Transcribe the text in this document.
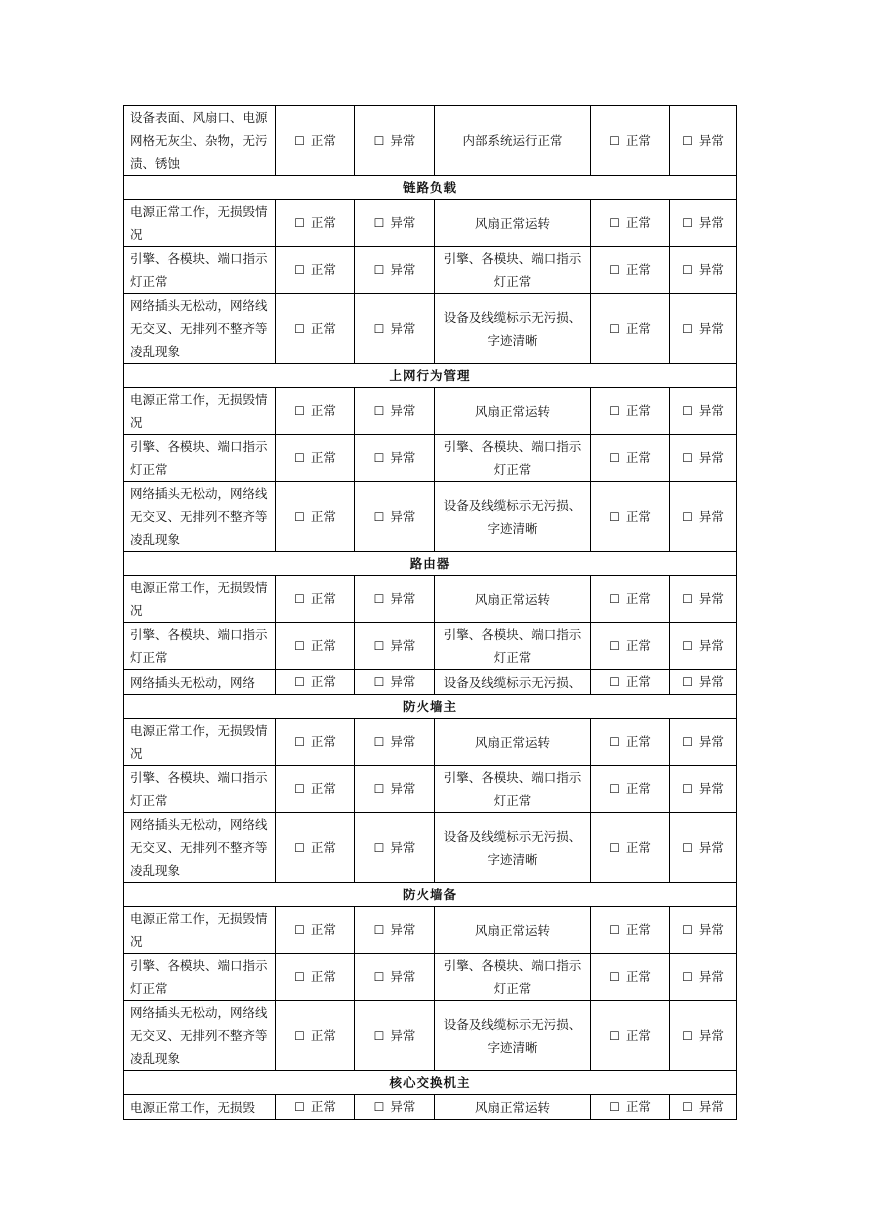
设备表面、风扇口、电源网格无灰尘、杂物，无污渍、锈蚀	☐ 正常	☐ 异常	内部系统运行正常	☐ 正常	☐ 异常
链路负载					

电源正常工作，无损毁情况	☐ 正常	☐ 异常	风扇正常运转	☐ 正常	☐ 异常

引擎、各模块、端口指示灯正常	☐ 正常	☐ 异常	引擎、各模块、端口指示灯正常	☐ 正常	☐ 异常

网络插头无松动，网络线无交叉、无排列不整齐等凌乱现象	☐ 正常	☐ 异常	设备及线缆标示无污损、字迹清晰	☐ 正常	☐ 异常
上网行为管理					

电源正常工作，无损毁情况	☐ 正常	☐ 异常	风扇正常运转	☐ 正常	☐ 异常

引擎、各模块、端口指示灯正常	☐ 正常	☐ 异常	引擎、各模块、端口指示灯正常	☐ 正常	☐ 异常

网络插头无松动，网络线无交叉、无排列不整齐等凌乱现象	☐ 正常	☐ 异常	设备及线缆标示无污损、字迹清晰	☐ 正常	☐ 异常
路由器					

电源正常工作，无损毁情况	☐ 正常	☐ 异常	风扇正常运转	☐ 正常	☐ 异常

引擎、各模块、端口指示灯正常	☐ 正常	☐ 异常	引擎、各模块、端口指示灯正常	☐ 正常	☐ 异常

网络插头无松动，网络	☐ 正常	☐ 异常	设备及线缆标示无污损、	☐ 正常	☐ 异常
防火墙主					

电源正常工作，无损毁情况	☐ 正常	☐ 异常	风扇正常运转	☐ 正常	☐ 异常

引擎、各模块、端口指示灯正常	☐ 正常	☐ 异常	引擎、各模块、端口指示灯正常	☐ 正常	☐ 异常

网络插头无松动，网络线无交叉、无排列不整齐等凌乱现象	☐ 正常	☐ 异常	设备及线缆标示无污损、字迹清晰	☐ 正常	☐ 异常
防火墙备					

电源正常工作，无损毁情况	☐ 正常	☐ 异常	风扇正常运转	☐ 正常	☐ 异常

引擎、各模块、端口指示灯正常	☐ 正常	☐ 异常	引擎、各模块、端口指示灯正常	☐ 正常	☐ 异常

网络插头无松动，网络线无交叉、无排列不整齐等凌乱现象	☐ 正常	☐ 异常	设备及线缆标示无污损、字迹清晰	☐ 正常	☐ 异常
核心交换机主					

电源正常工作，无损毁	☐ 正常	☐ 异常	风扇正常运转	☐ 正常	☐ 异常
